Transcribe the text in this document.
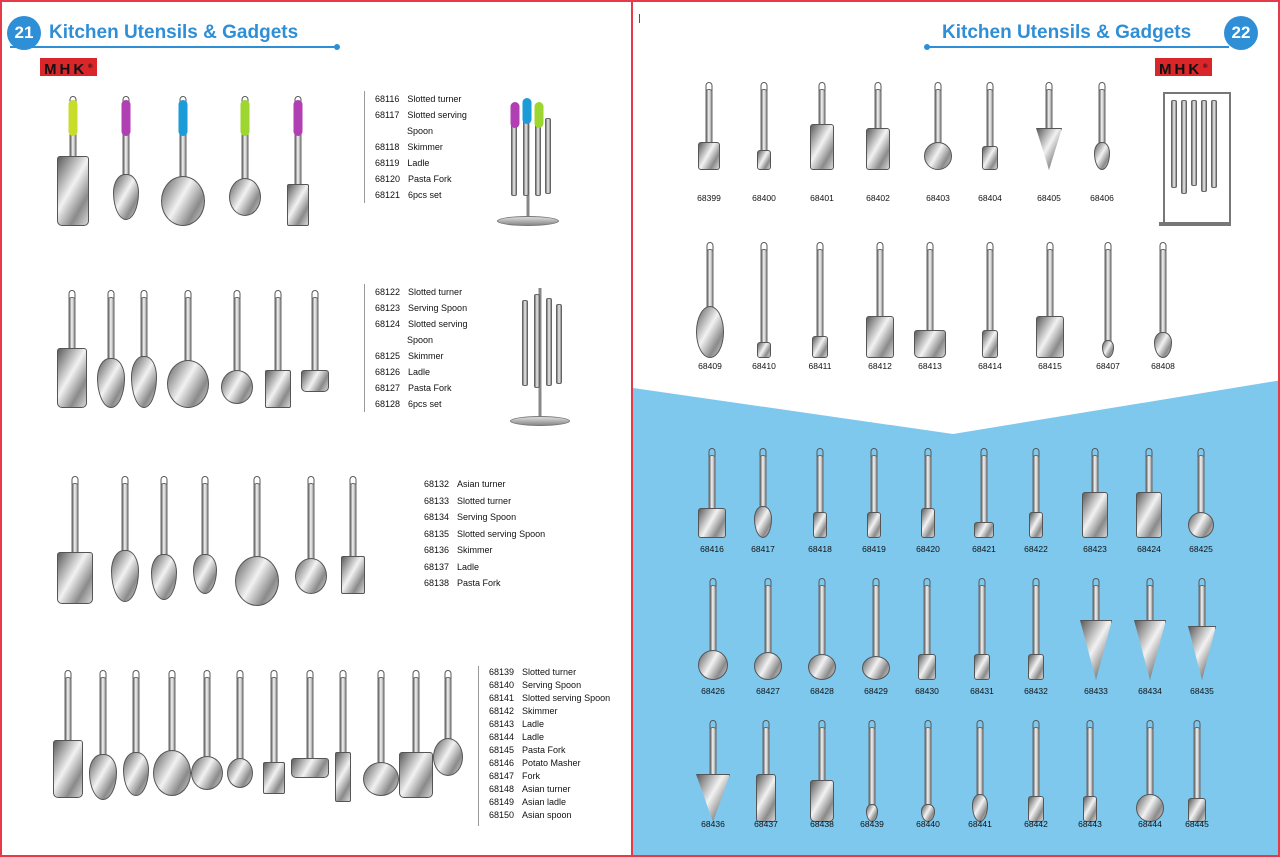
21 Kitchen Utensils & Gadgets
MHK®
68116 Slotted turner
68117 Slotted serving
Spoon
68118 Skimmer
68119 Ladle
68120 Pasta Fork
68121 6pcs set
68122 Slotted turner
68123 Serving Spoon
68124 Slotted serving
Spoon
68125 Skimmer
68126 Ladle
68127 Pasta Fork
68128 6pcs set
68132 Asian turner
68133 Slotted turner
68134 Serving Spoon
68135 Slotted serving Spoon
68136 Skimmer
68137 Ladle
68138 Pasta Fork
68139 Slotted turner
68140 Serving Spoon
68141 Slotted serving Spoon
68142 Skimmer
68143 Ladle
68144 Ladle
68145 Pasta Fork
68146 Potato Masher
68147 Fork
68148 Asian turner
68149 Asian ladle
68150 Asian spoon
Kitchen Utensils & Gadgets	22
MHK®
68399	68400	68401	68402	68403	68404	68405	68406
68409	68410	68411	68412	68413	68414	68415	68407	68408
68416	68417	68418	68419	68420	68421	68422	68423	68424	68425
68426	68427	68428	68429	68430	68431	68432	68433	68434	68435
68436	68437	68438	68439	68440	68441	68442	68443	68444	68445
